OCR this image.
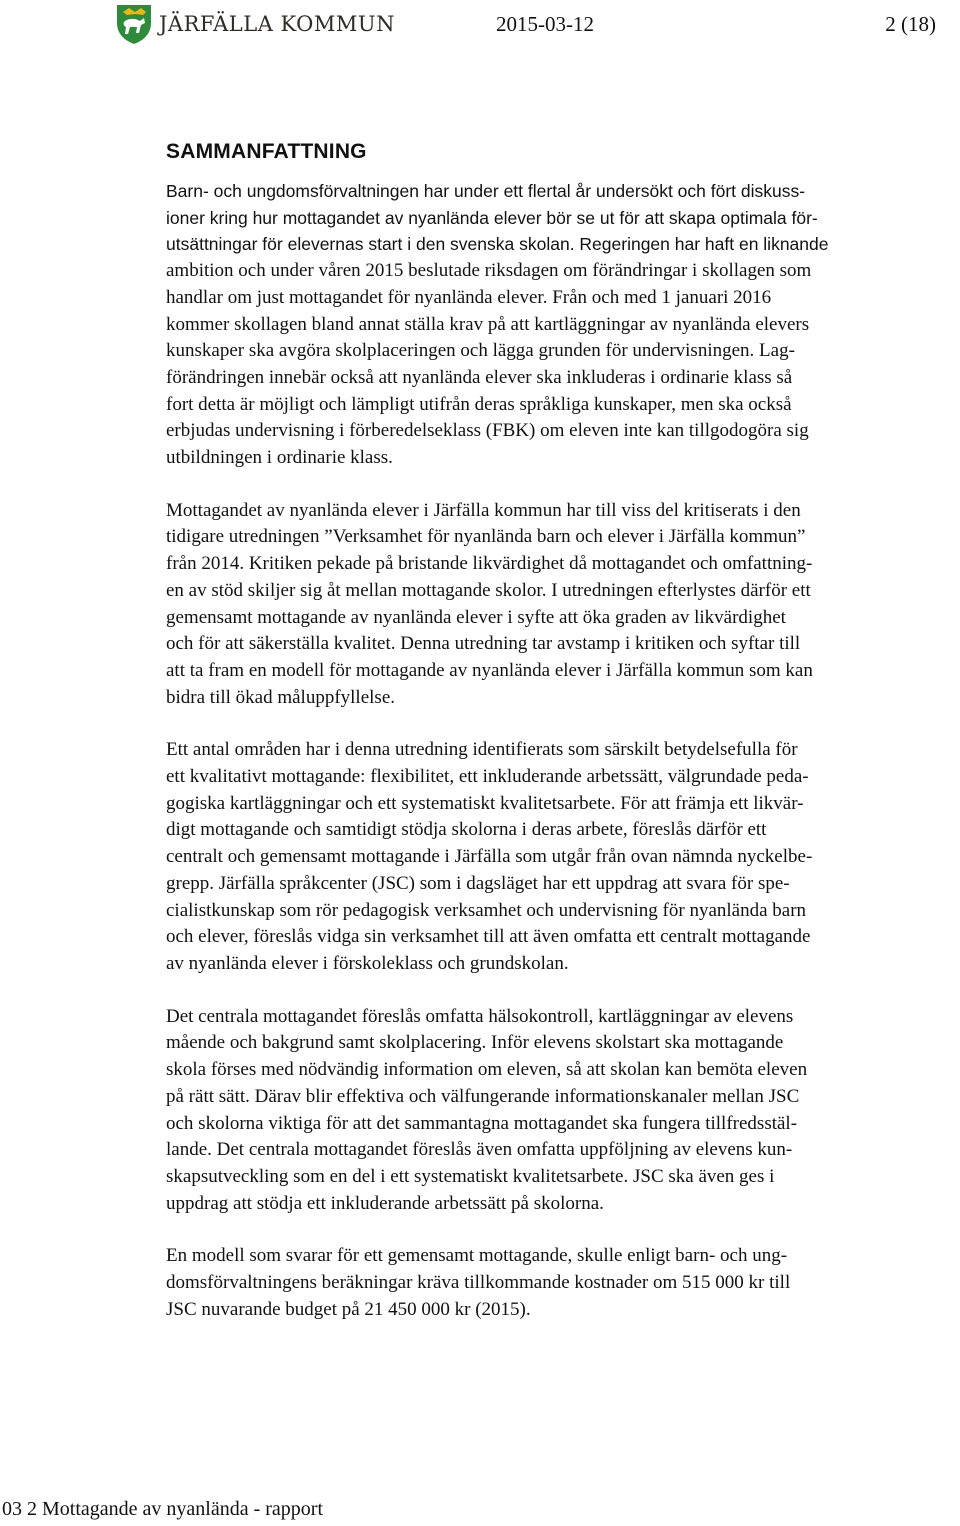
JÄRFÄLLA KOMMUN	2015-03-12	2 (18)
SAMMANFATTNING
Barn- och ungdomsförvaltningen har under ett flertal år undersökt och fört diskuss-
ioner kring hur mottagandet av nyanlända elever bör se ut för att skapa optimala för-
utsättningar för elevernas start i den svenska skolan. Regeringen har haft en liknande
ambition och under våren 2015 beslutade riksdagen om förändringar i skollagen som
handlar om just mottagandet för nyanlända elever. Från och med 1 januari 2016
kommer skollagen bland annat ställa krav på att kartläggningar av nyanlända elevers
kunskaper ska avgöra skolplaceringen och lägga grunden för undervisningen. Lag-
förändringen innebär också att nyanlända elever ska inkluderas i ordinarie klass så
fort detta är möjligt och lämpligt utifrån deras språkliga kunskaper, men ska också
erbjudas undervisning i förberedelseklass (FBK) om eleven inte kan tillgodogöra sig
utbildningen i ordinarie klass.
Mottagandet av nyanlända elever i Järfälla kommun har till viss del kritiserats i den
tidigare utredningen ”Verksamhet för nyanlända barn och elever i Järfälla kommun”
från 2014. Kritiken pekade på bristande likvärdighet då mottagandet och omfattning-
en av stöd skiljer sig åt mellan mottagande skolor. I utredningen efterlystes därför ett
gemensamt mottagande av nyanlända elever i syfte att öka graden av likvärdighet
och för att säkerställa kvalitet. Denna utredning tar avstamp i kritiken och syftar till
att ta fram en modell för mottagande av nyanlända elever i Järfälla kommun som kan
bidra till ökad måluppfyllelse.
Ett antal områden har i denna utredning identifierats som särskilt betydelsefulla för
ett kvalitativt mottagande: flexibilitet, ett inkluderande arbetssätt, välgrundade peda-
gogiska kartläggningar och ett systematiskt kvalitetsarbete. För att främja ett likvär-
digt mottagande och samtidigt stödja skolorna i deras arbete, föreslås därför ett
centralt och gemensamt mottagande i Järfälla som utgår från ovan nämnda nyckelbe-
grepp. Järfälla språkcenter (JSC) som i dagsläget har ett uppdrag att svara för spe-
cialistkunskap som rör pedagogisk verksamhet och undervisning för nyanlända barn
och elever, föreslås vidga sin verksamhet till att även omfatta ett centralt mottagande
av nyanlända elever i förskoleklass och grundskolan.
Det centrala mottagandet föreslås omfatta hälsokontroll, kartläggningar av elevens
mående och bakgrund samt skolplacering. Inför elevens skolstart ska mottagande
skola förses med nödvändig information om eleven, så att skolan kan bemöta eleven
på rätt sätt. Därav blir effektiva och välfungerande informationskanaler mellan JSC
och skolorna viktiga för att det sammantagna mottagandet ska fungera tillfredsstäl-
lande. Det centrala mottagandet föreslås även omfatta uppföljning av elevens kun-
skapsutveckling som en del i ett systematiskt kvalitetsarbete. JSC ska även ges i
uppdrag att stödja ett inkluderande arbetssätt på skolorna.
En modell som svarar för ett gemensamt mottagande, skulle enligt barn- och ung-
domsförvaltningens beräkningar kräva tillkommande kostnader om 515 000 kr till
JSC nuvarande budget på 21 450 000 kr (2015).
03 2 Mottagande av nyanlända - rapport
